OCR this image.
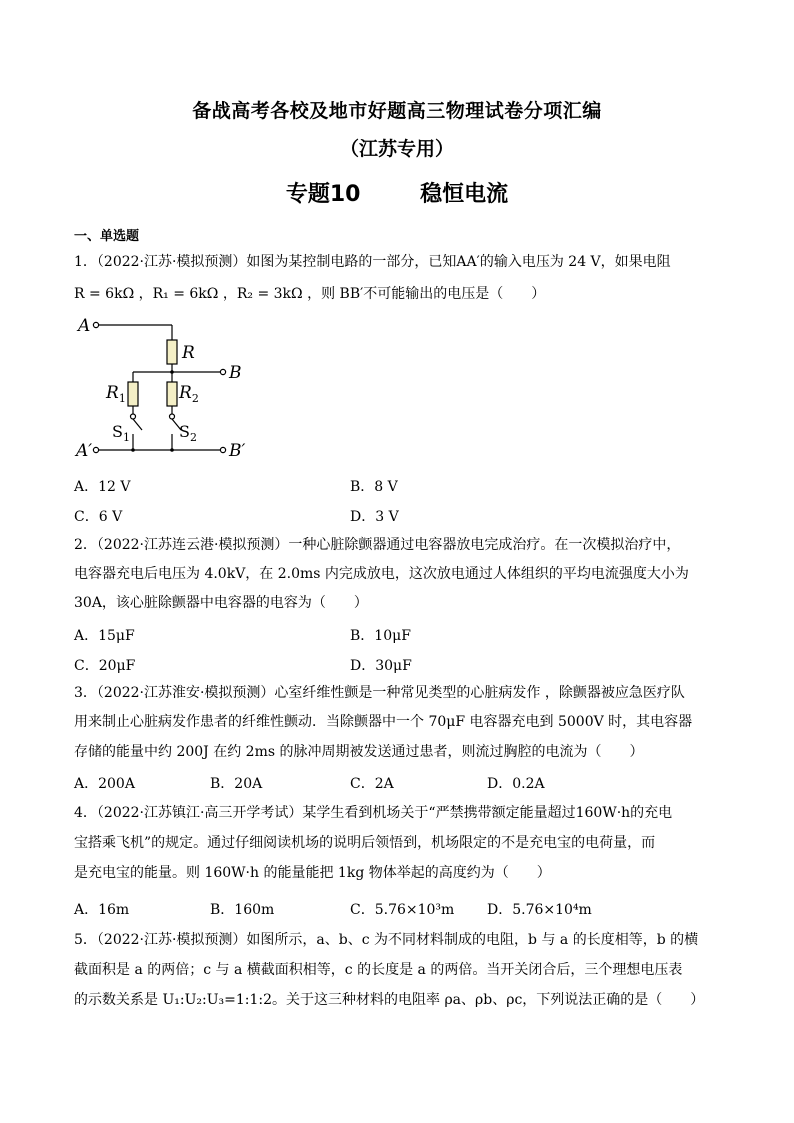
备战高考各校及地市好题高三物理试卷分项汇编
（江苏专用）
专题10　 稳恒电流
一、单选题
1．（2022·江苏·模拟预测）如图为某控制电路的一部分，已知AA′的输入电压为 24 V，如果电阻
R = 6kΩ ，R₁ = 6kΩ ，R₂ = 3kΩ ，则 BB′不可能输出的电压是（　　）
A
R
B
$R_1$	$R_2$
A′	B′
$S_1$	$S_2$
A．12 V	B．8 V
C．6 V	D．3 V
2．（2022·江苏连云港·模拟预测）一种心脏除颤器通过电容器放电完成治疗。在一次模拟治疗中，
电容器充电后电压为 4.0kV，在 2.0ms 内完成放电，这次放电通过人体组织的平均电流强度大小为
30A，该心脏除颤器中电容器的电容为（　　）
A．15μF	B．10μF
C．20μF	D．30μF
3．（2022·江苏淮安·模拟预测）心室纤维性颤是一种常见类型的心脏病发作 ，除颤器被应急医疗队
用来制止心脏病发作患者的纤维性颤动．当除颤器中一个 70μF 电容器充电到 5000V 时，其电容器
存储的能量中约 200J 在约 2ms 的脉冲周期被发送通过患者，则流过胸腔的电流为（　　）
A．200A	B．20A	C．2A	D．0.2A
4．（2022·江苏镇江·高三开学考试）某学生看到机场关于“严禁携带额定能量超过160W·h的充电
宝搭乘飞机”的规定。通过仔细阅读机场的说明后领悟到，机场限定的不是充电宝的电荷量，而
是充电宝的能量。则 160W·h 的能量能把 1kg 物体举起的高度约为（　　）
A．16m	B．160m	C．5.76×10³m D．5.76×10⁴m
5．（2022·江苏·模拟预测）如图所示，a、b、c 为不同材料制成的电阻，b 与 a 的长度相等，b 的横
截面积是 a 的两倍；c 与 a 横截面积相等，c 的长度是 a 的两倍。当开关闭合后，三个理想电压表
的示数关系是 U₁:U₂:U₃=1:1:2。关于这三种材料的电阻率 ρa、ρb、ρc，下列说法正确的是（　　）
